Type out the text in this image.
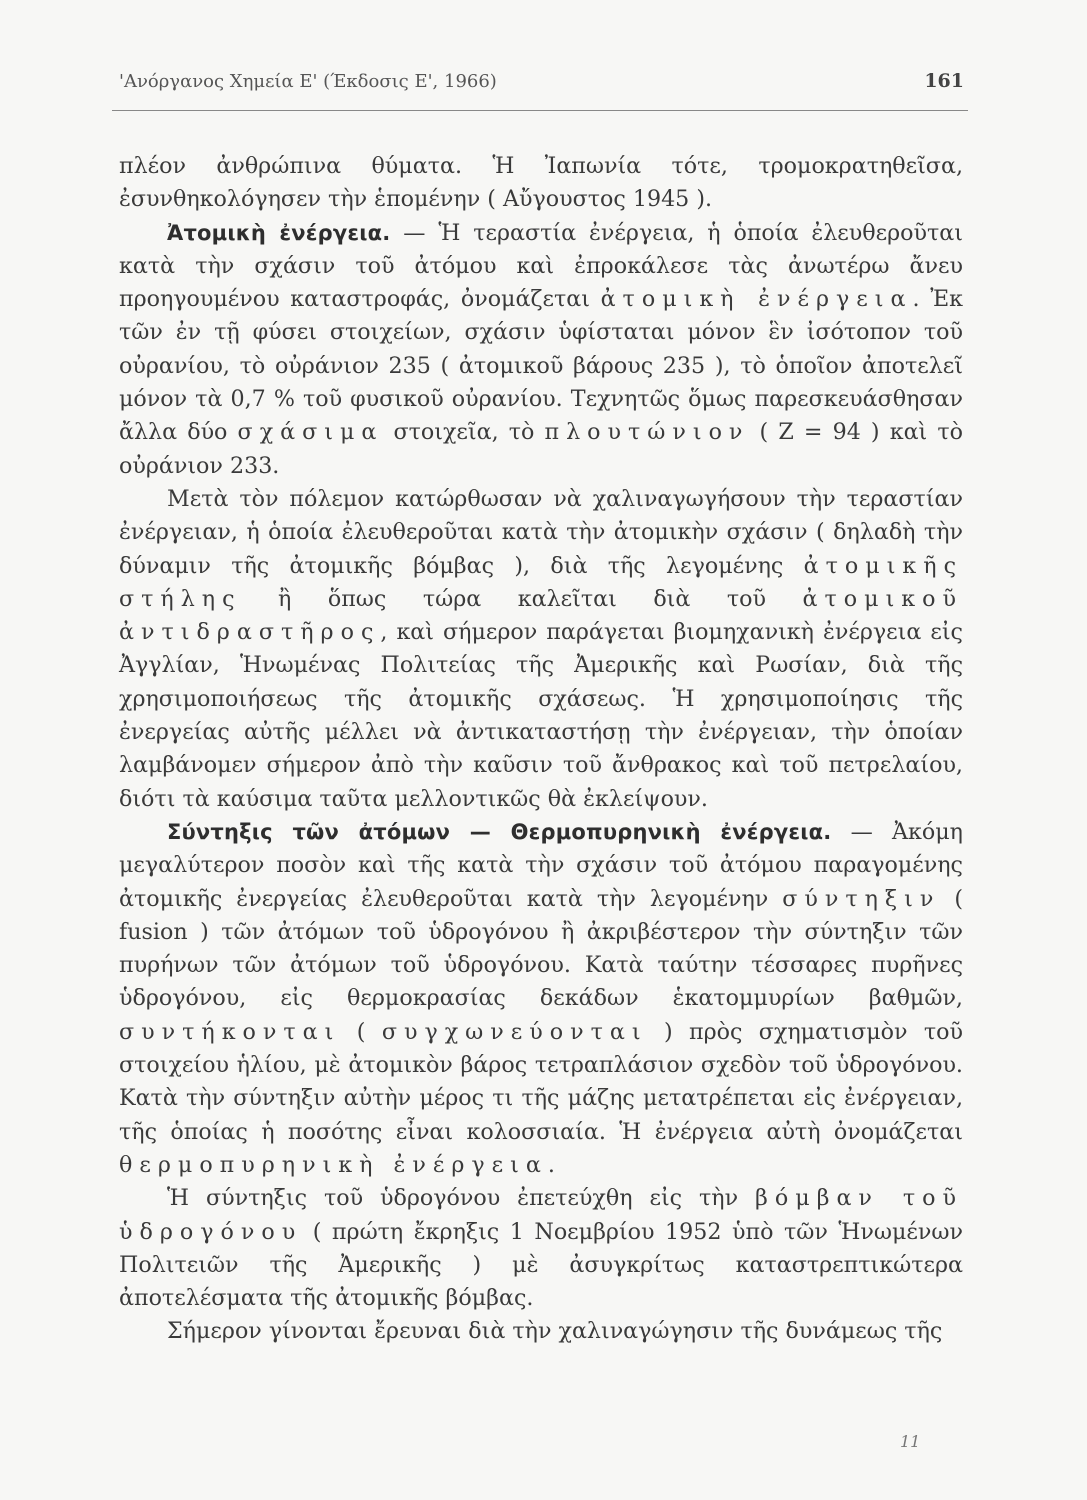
'Ανόργανος Χημεία Ε' (Έκδοσις Ε', 1966)	161

πλέον ἀνθρώπινα θύματα. Ἡ Ἰαπωνία τότε, τρομοκρατηθεῖσα, ἐσυνθηκολόγησεν τὴν ἑπομένην ( Αὔγουστος 1945 ).

Ἀτομικὴ ἐνέργεια. — Ἡ τεραστία ἐνέργεια, ἡ ὁποία ἐλευθεροῦται κατὰ τὴν σχάσιν τοῦ ἀτόμου καὶ ἐπροκάλεσε τὰς ἀνωτέρω ἄνευ προηγουμένου καταστροφάς, ὀνομάζεται ἀτομικὴ ἐνέργεια. Ἐκ τῶν ἐν τῇ φύσει στοιχείων, σχάσιν ὑφίσταται μόνον ἓν ἰσότοπον τοῦ οὐρανίου, τὸ οὐράνιον 235 ( ἀτομικοῦ βάρους 235 ), τὸ ὁποῖον ἀποτελεῖ μόνον τὰ 0,7 % τοῦ φυσικοῦ οὐρανίου. Τεχνητῶς ὅμως παρεσκευάσθησαν ἄλλα δύο σχάσιμα στοιχεῖα, τὸ πλουτώνιον ( Z = 94 ) καὶ τὸ οὐράνιον 233.

Μετὰ τὸν πόλεμον κατώρθωσαν νὰ χαλιναγωγήσουν τὴν τεραστίαν ἐνέργειαν, ἡ ὁποία ἐλευθεροῦται κατὰ τὴν ἀτομικὴν σχάσιν ( δηλαδὴ τὴν δύναμιν τῆς ἀτομικῆς βόμβας ), διὰ τῆς λεγομένης ἀτομικῆς στήλης ἢ ὅπως τώρα καλεῖται διὰ τοῦ ἀτομικοῦ ἀντιδραστῆρος, καὶ σήμερον παράγεται βιομηχανικὴ ἐνέργεια εἰς Ἀγγλίαν, Ἡνωμένας Πολιτείας τῆς Ἀμερικῆς καὶ Ρωσίαν, διὰ τῆς χρησιμοποιήσεως τῆς ἀτομικῆς σχάσεως. Ἡ χρησιμοποίησις τῆς ἐνεργείας αὐτῆς μέλλει νὰ ἀντικαταστήσῃ τὴν ἐνέργειαν, τὴν ὁποίαν λαμβάνομεν σήμερον ἀπὸ τὴν καῦσιν τοῦ ἄνθρακος καὶ τοῦ πετρελαίου, διότι τὰ καύσιμα ταῦτα μελλοντικῶς θὰ ἐκλείψουν.

Σύντηξις τῶν ἀτόμων — Θερμοπυρηνικὴ ἐνέργεια. — Ἀκόμη μεγαλύτερον ποσὸν καὶ τῆς κατὰ τὴν σχάσιν τοῦ ἀτόμου παραγομένης ἀτομικῆς ἐνεργείας ἐλευθεροῦται κατὰ τὴν λεγομένην σύντηξιν ( fusion ) τῶν ἀτόμων τοῦ ὑδρογόνου ἢ ἀκριβέστερον τὴν σύντηξιν τῶν πυρήνων τῶν ἀτόμων τοῦ ὑδρογόνου. Κατὰ ταύτην τέσσαρες πυρῆνες ὑδρογόνου, εἰς θερμοκρασίας δεκάδων ἑκατομμυρίων βαθμῶν, συντήκονται ( συγχωνεύονται ) πρὸς σχηματισμὸν τοῦ στοιχείου ἡλίου, μὲ ἀτομικὸν βάρος τετραπλάσιον σχεδὸν τοῦ ὑδρογόνου. Κατὰ τὴν σύντηξιν αὐτὴν μέρος τι τῆς μάζης μετατρέπεται εἰς ἐνέργειαν, τῆς ὁποίας ἡ ποσότης εἶναι κολοσσιαία. Ἡ ἐνέργεια αὐτὴ ὀνομάζεται θερμοπυρηνικὴ ἐνέργεια.

Ἡ σύντηξις τοῦ ὑδρογόνου ἐπετεύχθη εἰς τὴν βόμβαν τοῦ ὑδρογόνου ( πρώτη ἔκρηξις 1 Νοεμβρίου 1952 ὑπὸ τῶν Ἡνωμένων Πολιτειῶν τῆς Ἀμερικῆς ) μὲ ἀσυγκρίτως καταστρεπτικώτερα ἀποτελέσματα τῆς ἀτομικῆς βόμβας.

Σήμερον γίνονται ἔρευναι διὰ τὴν χαλιναγώγησιν τῆς δυνάμεως τῆς

11
